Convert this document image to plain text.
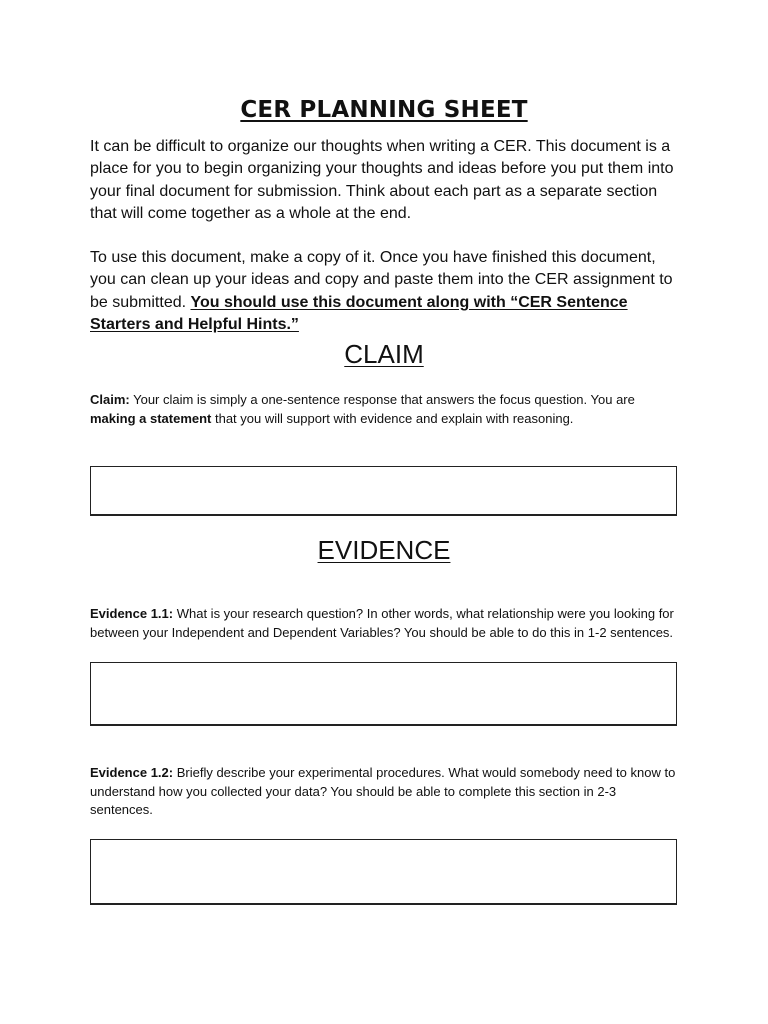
CER PLANNING SHEET

It can be difficult to organize our thoughts when writing a CER. This document is a place for you to begin organizing your thoughts and ideas before you put them into your final document for submission. Think about each part as a separate section that will come together as a whole at the end.

To use this document, make a copy of it. Once you have finished this document, you can clean up your ideas and copy and paste them into the CER assignment to be submitted. You should use this document along with “CER Sentence Starters and Helpful Hints.”

CLAIM

Claim: Your claim is simply a one-sentence response that answers the focus question. You are making a statement that you will support with evidence and explain with reasoning.

EVIDENCE

Evidence 1.1: What is your research question? In other words, what relationship were you looking for between your Independent and Dependent Variables? You should be able to do this in 1-2 sentences.

Evidence 1.2: Briefly describe your experimental procedures. What would somebody need to know to understand how you collected your data? You should be able to complete this section in 2-3 sentences.
